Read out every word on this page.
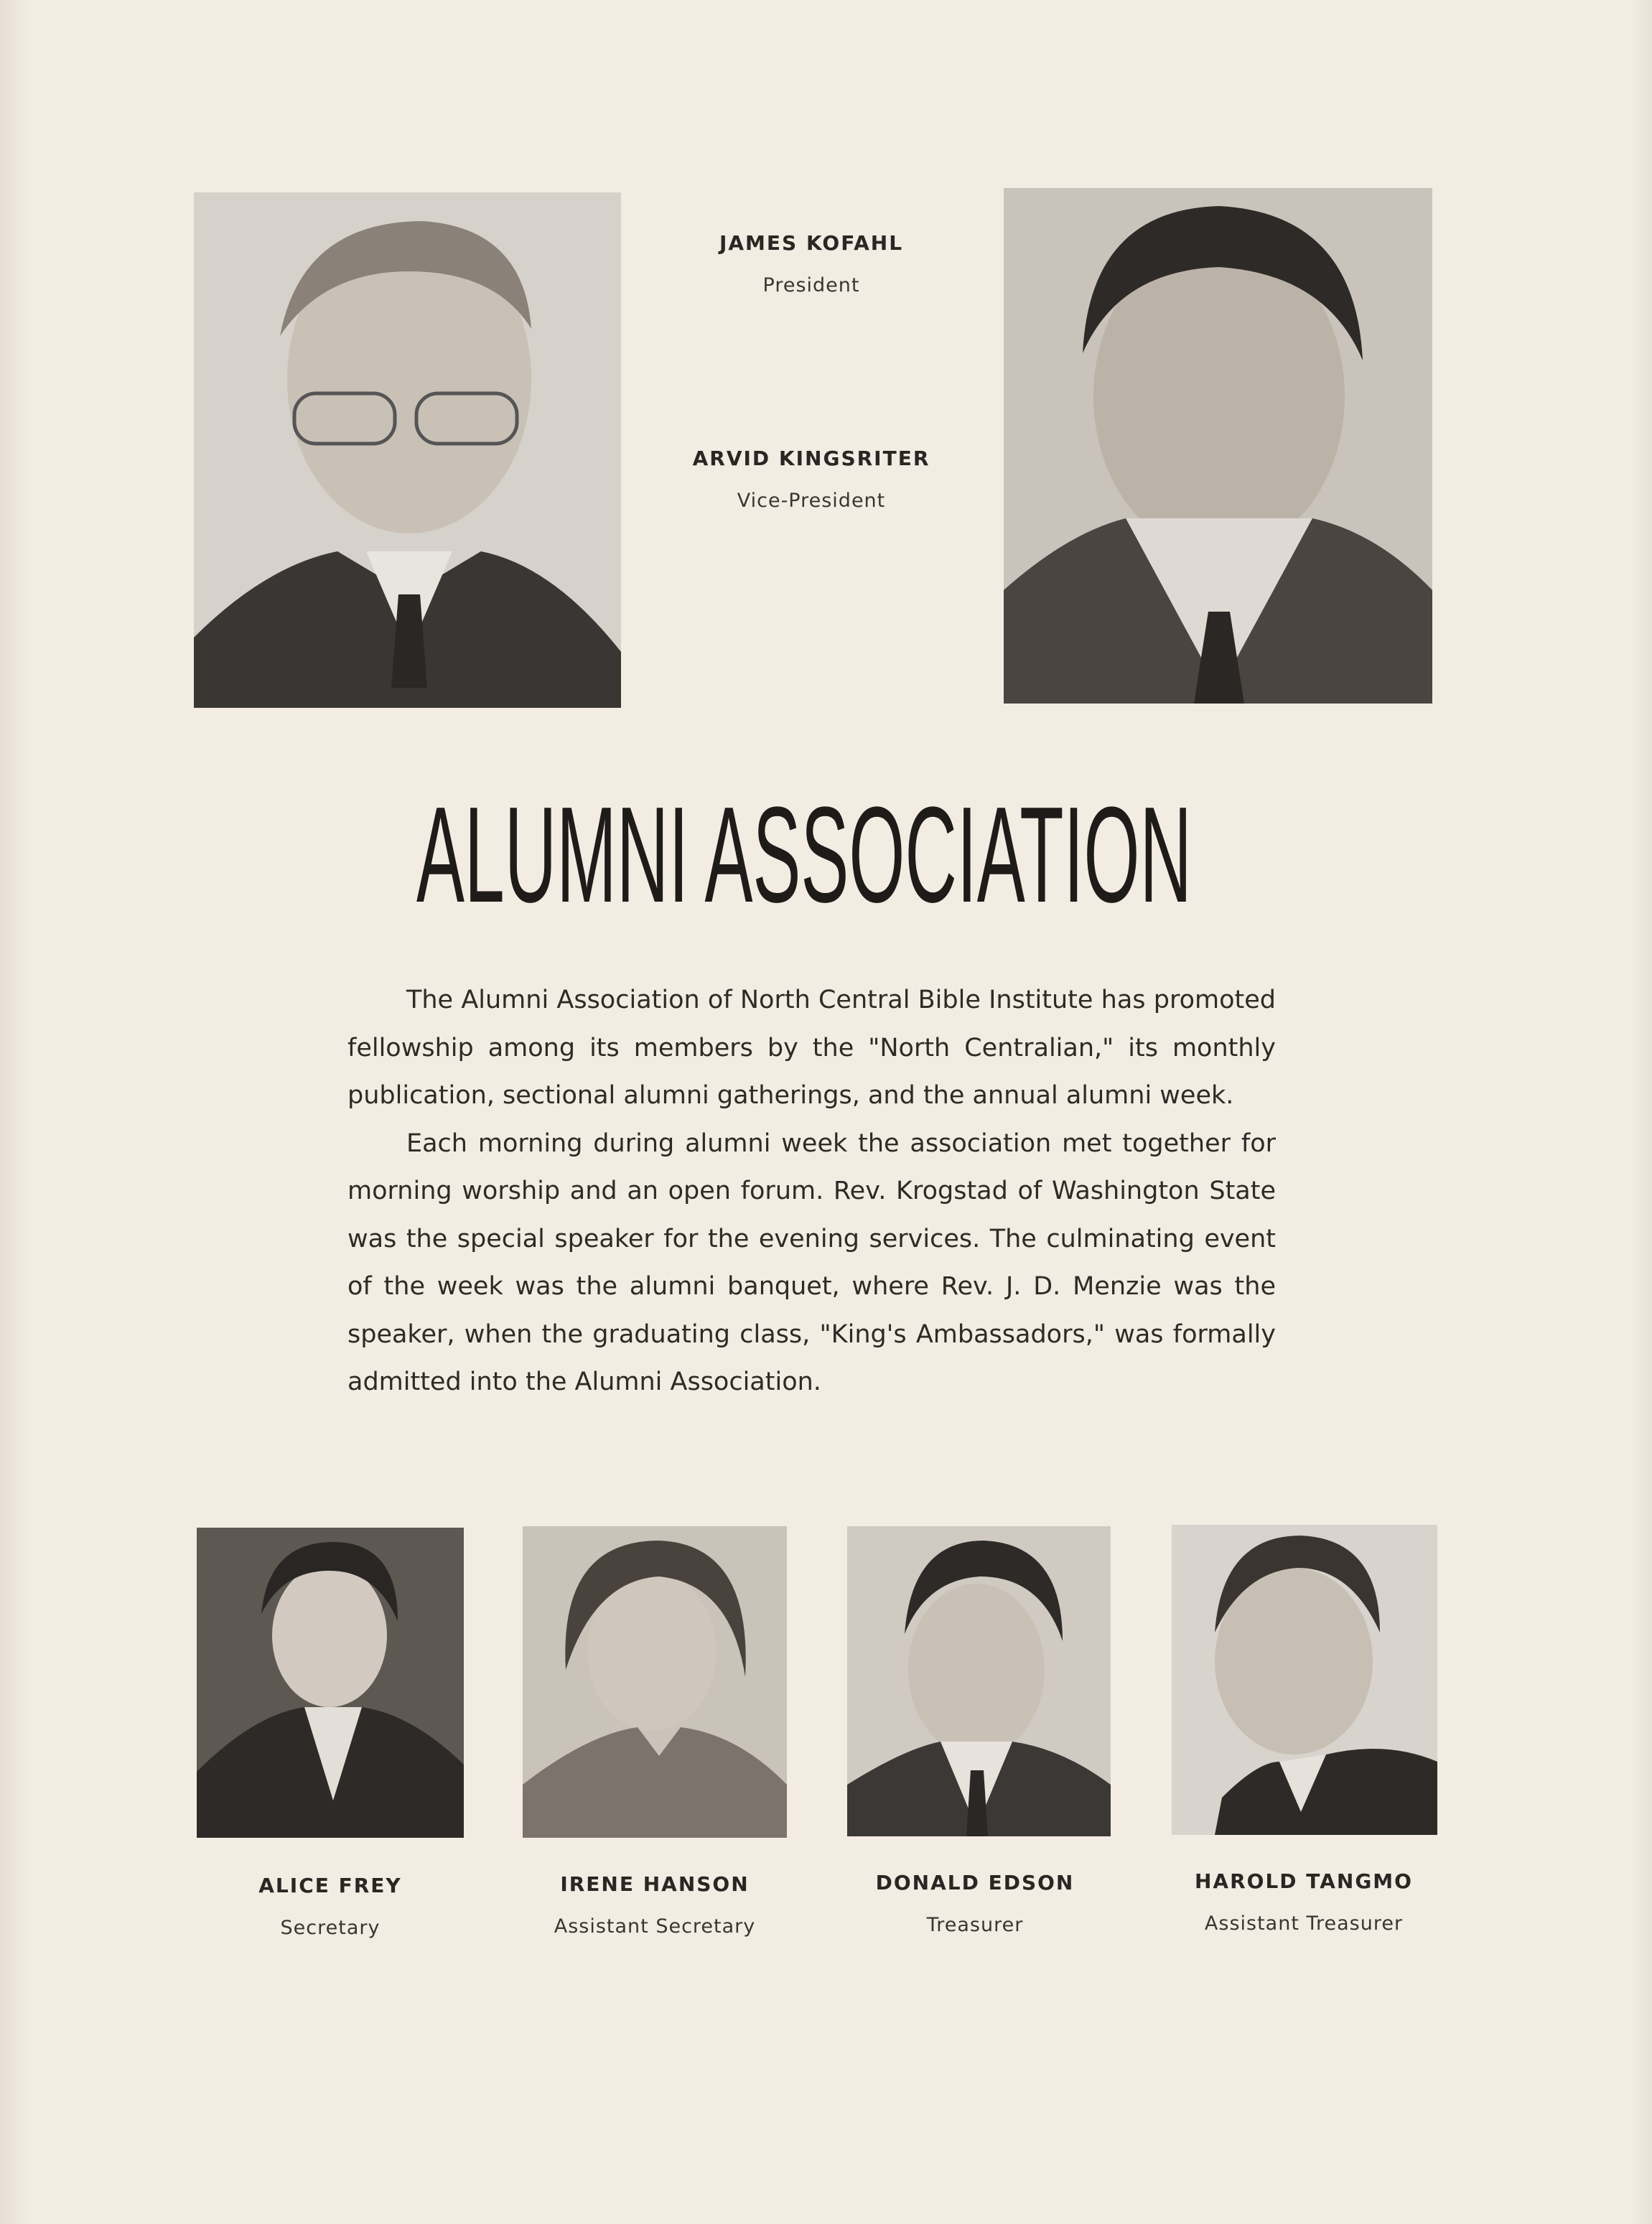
JAMES KOFAHL
President
ARVID KINGSRITER
Vice-President
ALUMNI ASSOCIATION

The Alumni Association of North Central Bible Institute has promoted fellowship among its members by the "North Centralian," its monthly publication, sectional alumni gatherings, and the annual alumni week.

Each morning during alumni week the association met together for morning worship and an open forum. Rev. Krogstad of Washington State was the special speaker for the evening services. The culminating event of the week was the alumni banquet, where Rev. J. D. Menzie was the speaker, when the graduating class, "King's Ambassadors," was formally admitted into the Alumni Association.

ALICE FREY
Secretary
IRENE HANSON
Assistant Secretary
DONALD EDSON
Treasurer
HAROLD TANGMO
Assistant Treasurer
